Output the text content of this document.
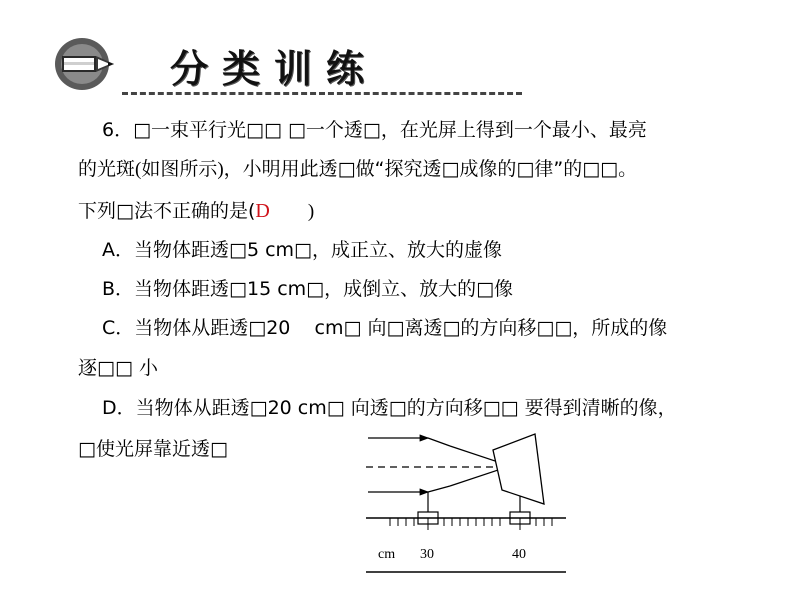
分类训练
6．□一束平行光□□ □一个透□，在光屏上得到一个最小、最亮
的光斑(如图所示)，小明用此透□做“探究透□成像的□律”的□□。
下列□法不正确的是(D        )
A．当物体距透□5 cm□，成正立、放大的虚像
B．当物体距透□15 cm□，成倒立、放大的□像
C．当物体从距透□20    cm□ 向□离透□的方向移□□，所成的像
逐□□ 小
D．当物体从距透□20 cm□ 向透□的方向移□□ 要得到清晰的像，
□使光屏靠近透□
cm 30	40
